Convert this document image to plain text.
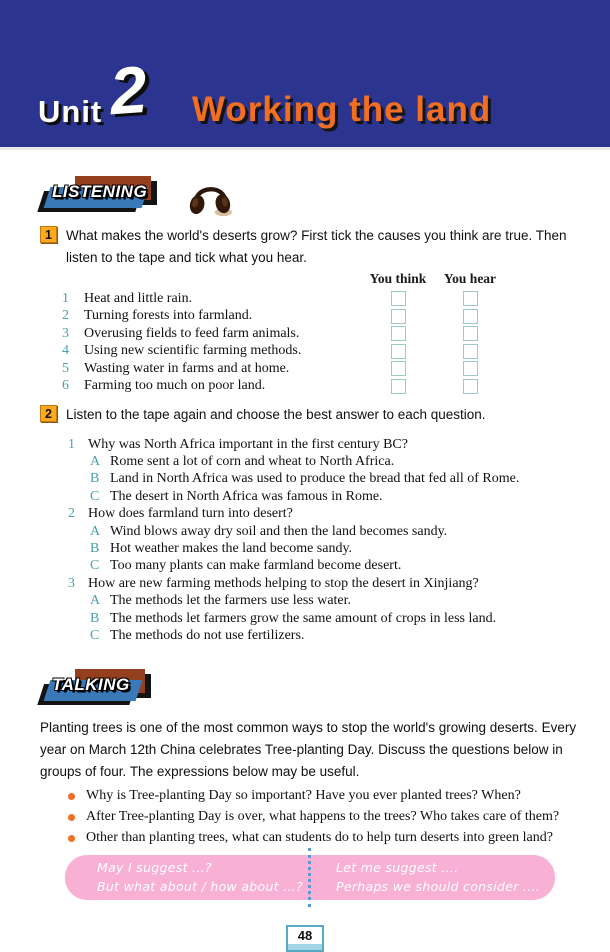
Unit 2 Working the land
LISTENING
1	What makes the world's deserts grow? First tick the causes you think are true. Then listen to the tape and tick what you hear.

You think	You hear
1	Heat and little rain.
2	Turning forests into farmland.
3	Overusing fields to feed farm animals.
4	Using new scientific farming methods.
5	Wasting water in farms and at home.
6	Farming too much on poor land.
2	Listen to the tape again and choose the best answer to each question.

1 Why was North Africa important in the first century BC?
A Rome sent a lot of corn and wheat to North Africa.
B Land in North Africa was used to produce the bread that fed all of Rome.
C The desert in North Africa was famous in Rome.
2 How does farmland turn into desert?
A Wind blows away dry soil and then the land becomes sandy.
B Hot weather makes the land become sandy.
C Too many plants can make farmland become desert.
3 How are new farming methods helping to stop the desert in Xinjiang?
A The methods let the farmers use less water.
B The methods let farmers grow the same amount of crops in less land.
C The methods do not use fertilizers.
TALKING

Planting trees is one of the most common ways to stop the world's growing deserts. Every year on March 12th China celebrates Tree-planting Day. Discuss the questions below in groups of four. The expressions below may be useful.

Why is Tree-planting Day so important? Have you ever planted trees? When?
After Tree-planting Day is over, what happens to the trees? Who takes care of them?
Other than planting trees, what can students do to help turn deserts into green land?
May I suggest ...?
But what about / how about ...?
Let me suggest ....
Perhaps we should consider ....
48
